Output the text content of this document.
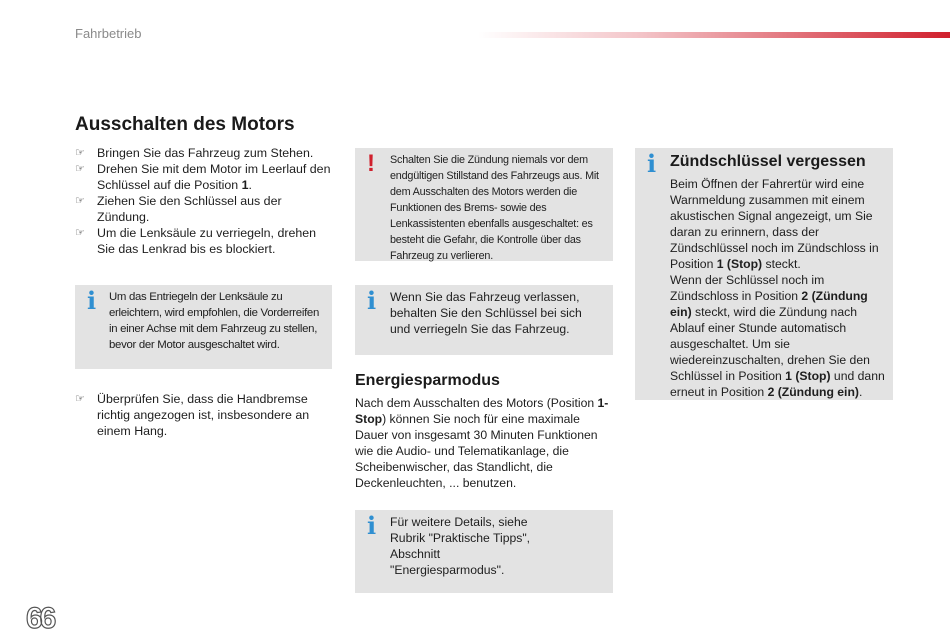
Fahrbetrieb
Ausschalten des Motors
☞ Bringen Sie das Fahrzeug zum Stehen.
☞ Drehen Sie mit dem Motor im Leerlauf den Schlüssel auf die Position 1.
☞ Ziehen Sie den Schlüssel aus der Zündung.
☞ Um die Lenksäule zu verriegeln, drehen Sie das Lenkrad bis es blockiert.
i Um das Entriegeln der Lenksäule zu erleichtern, wird empfohlen, die Vorderreifen in einer Achse mit dem Fahrzeug zu stellen, bevor der Motor ausgeschaltet wird.
☞ Überprüfen Sie, dass die Handbremse richtig angezogen ist, insbesondere an einem Hang.
! Schalten Sie die Zündung niemals vor dem endgültigen Stillstand des Fahrzeugs aus. Mit dem Ausschalten des Motors werden die Funktionen des Brems- sowie des Lenkassistenten ebenfalls ausgeschaltet: es besteht die Gefahr, die Kontrolle über das Fahrzeug zu verlieren.
i Wenn Sie das Fahrzeug verlassen, behalten Sie den Schlüssel bei sich und verriegeln Sie das Fahrzeug.
Energiesparmodus

Nach dem Ausschalten des Motors (Position 1-Stop) können Sie noch für eine maximale Dauer von insgesamt 30 Minuten Funktionen wie die Audio- und Telematikanlage, die Scheibenwischer, das Standlicht, die Deckenleuchten, ... benutzen.

i Für weitere Details, siehe Rubrik "Praktische Tipps", Abschnitt "Energiesparmodus".
i Zündschlüssel vergessen
Beim Öffnen der Fahrertür wird eine Warnmeldung zusammen mit einem akustischen Signal angezeigt, um Sie daran zu erinnern, dass der Zündschlüssel noch im Zündschloss in Position 1 (Stop) steckt.
Wenn der Schlüssel noch im Zündschloss in Position 2 (Zündung ein) steckt, wird die Zündung nach Ablauf einer Stunde automatisch ausgeschaltet. Um sie wiedereinzuschalten, drehen Sie den Schlüssel in Position 1 (Stop) und dann erneut in Position 2 (Zündung ein).
66
